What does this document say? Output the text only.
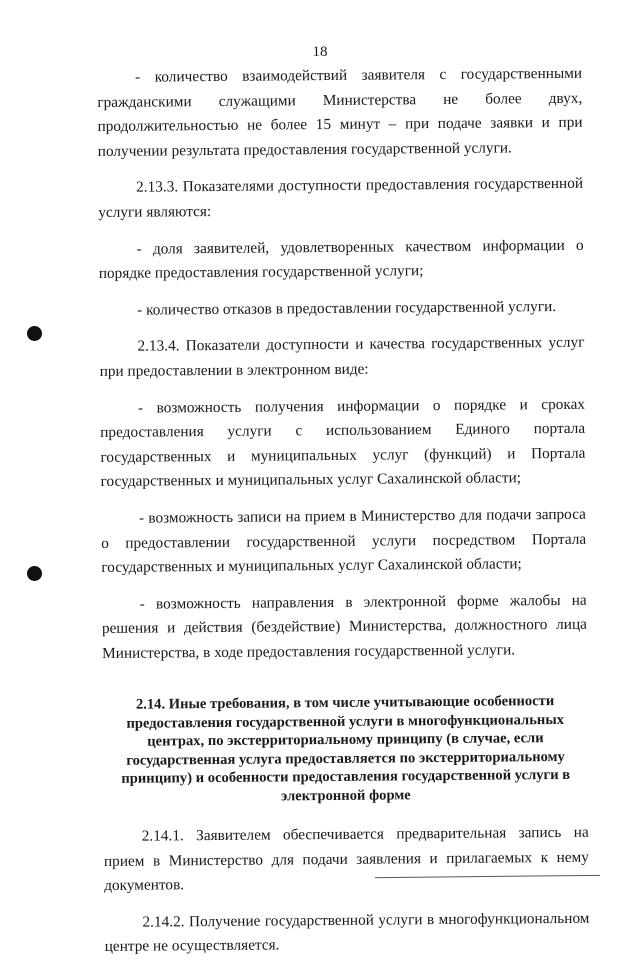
18

- количество взаимодействий заявителя с государственными гражданскими служащими Министерства не более двух, продолжительностью не более 15 минут – при подаче заявки и при получении результата предоставления государственной услуги.

2.13.3. Показателями доступности предоставления государственной услуги являются:

- доля заявителей, удовлетворенных качеством информации о порядке предоставления государственной услуги;

- количество отказов в предоставлении государственной услуги.

2.13.4. Показатели доступности и качества государственных услуг при предоставлении в электронном виде:

- возможность получения информации о порядке и сроках предоставления услуги с использованием Единого портала государственных и муниципальных услуг (функций) и Портала государственных и муниципальных услуг Сахалинской области;

- возможность записи на прием в Министерство для подачи запроса о предоставлении государственной услуги посредством Портала государственных и муниципальных услуг Сахалинской области;

- возможность направления в электронной форме жалобы на решения и действия (бездействие) Министерства, должностного лица Министерства, в ходе предоставления государственной услуги.

2.14. Иные требования, в том числе учитывающие особенности предоставления государственной услуги в многофункциональных центрах, по экстерриториальному принципу (в случае, если государственная услуга предоставляется по экстерриториальному принципу) и особенности предоставления государственной услуги в электронной форме

2.14.1. Заявителем обеспечивается предварительная запись на прием в Министерство для подачи заявления и прилагаемых к нему документов.

2.14.2. Получение государственной услуги в многофункциональном центре не осуществляется.
